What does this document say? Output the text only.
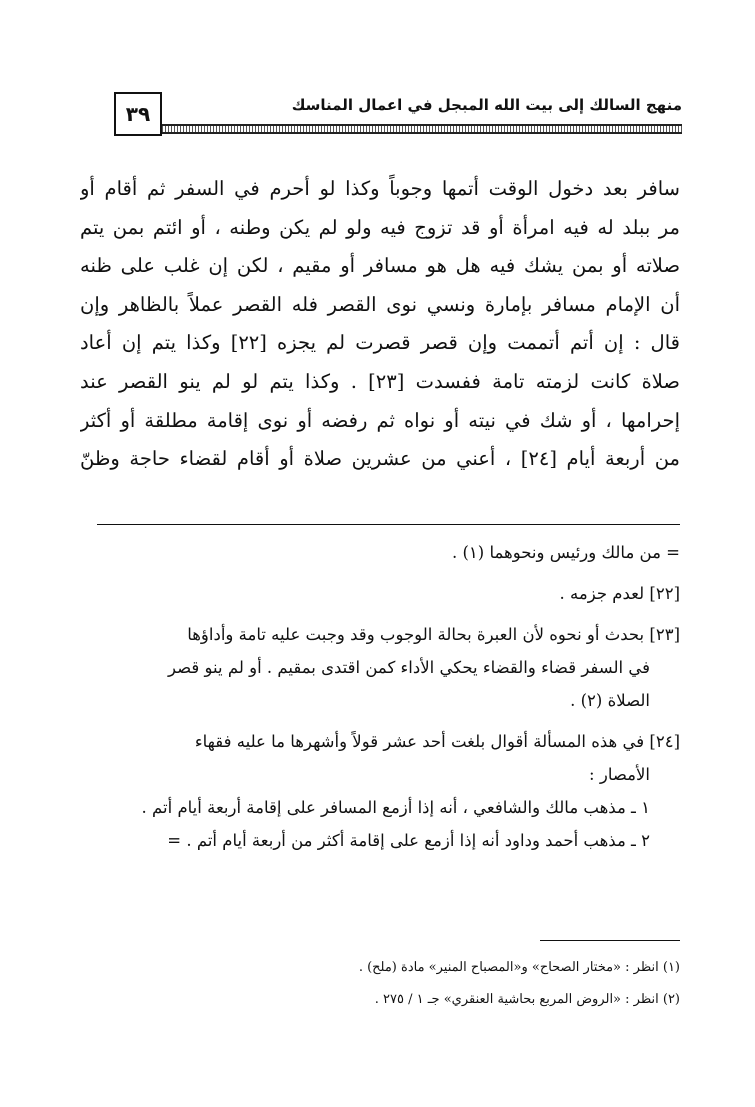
٣٩	منهج السالك إلى بيت الله المبجل في اعمال المناسك
سافر بعد دخول الوقت أتمها وجوباً وكذا لو أحرم في السفر ثم أقام أو
مر ببلد له فيه امرأة أو قد تزوج فيه ولو لم يكن وطنه ، أو ائتم بمن يتم
صلاته أو بمن يشك فيه هل هو مسافر أو مقيم ، لكن إن غلب على ظنه
أن الإمام مسافر بإمارة ونسي نوى القصر فله القصر عملاً بالظاهر وإن
قال : إن أتم أتممت وإن قصر قصرت لم يجزه [٢٢] وكذا يتم إن أعاد
صلاة كانت لزمته تامة ففسدت [٢٣] . وكذا يتم لو لم ينو القصر عند
إحرامها ، أو شك في نيته أو نواه ثم رفضه أو نوى إقامة مطلقة أو أكثر
من أربعة أيام [٢٤] ، أعني من عشرين صلاة أو أقام لقضاء حاجة وظنّ
= من مالك ورئيس ونحوهما (١) .
[٢٢] لعدم جزمه .
[٢٣] بحدث أو نحوه لأن العبرة بحالة الوجوب وقد وجبت عليه تامة وأداؤها
في السفر قضاء والقضاء يحكي الأداء كمن اقتدى بمقيم . أو لم ينو قصر
الصلاة (٢) .
[٢٤] في هذه المسألة أقوال بلغت أحد عشر قولاً وأشهرها ما عليه فقهاء
الأمصار :
١ ـ مذهب مالك والشافعي ، أنه إذا أزمع المسافر على إقامة أربعة أيام أتم .
٢ ـ مذهب أحمد وداود أنه إذا أزمع على إقامة أكثر من أربعة أيام أتم . =
(١) انظر : «مختار الصحاح» و«المصباح المنير» مادة (ملح) .
(٢) انظر : «الروض المربع بحاشية العنقري» جـ ١ / ٢٧٥ .
